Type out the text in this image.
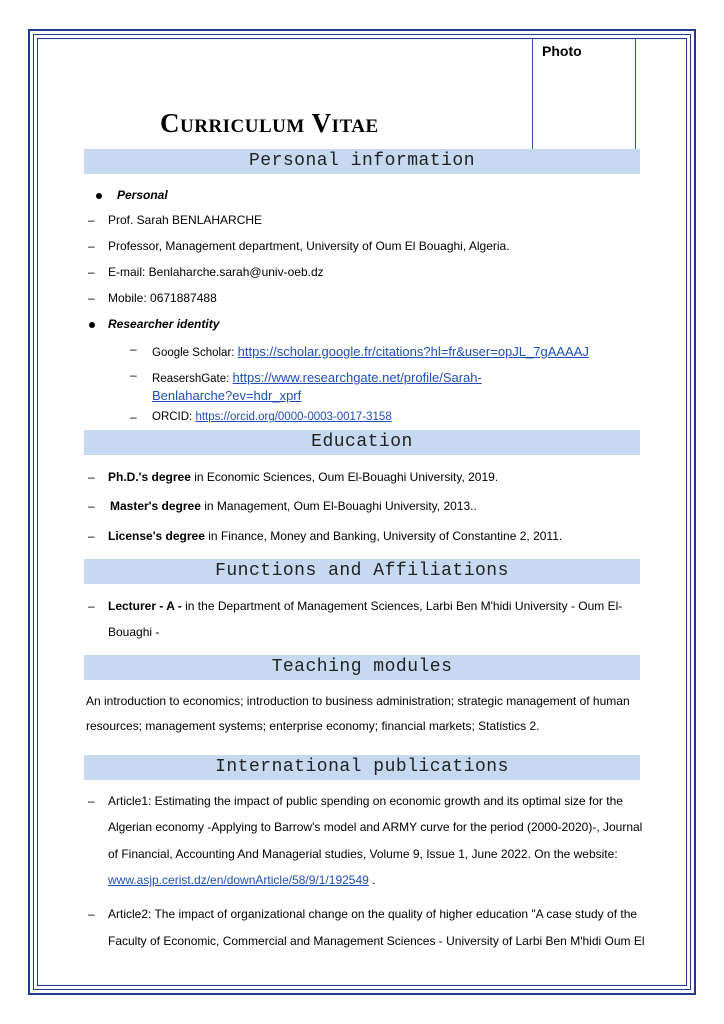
Photo
Curriculum Vitae
Personal information
Personal
– Prof. Sarah BENLAHARCHE
– Professor, Management department, University of Oum El Bouaghi, Algeria.
– E-mail: Benlaharche.sarah@univ-oeb.dz
– Mobile: 0671887488
Researcher identity
– Google Scholar: https://scholar.google.fr/citations?hl=fr&user=opJL_7gAAAAJ
– ReasershGate: https://www.researchgate.net/profile/Sarah-
Benlaharche?ev=hdr_xprf
– ORCID: https://orcid.org/0000-0003-0017-3158
Education
– Ph.D.'s degree in Economic Sciences, Oum El-Bouaghi University, 2019.
– Master's degree in Management, Oum El-Bouaghi University, 2013..
– License's degree in Finance, Money and Banking, University of Constantine 2, 2011.
Functions and Affiliations
– Lecturer - A - in the Department of Management Sciences, Larbi Ben M'hidi University - Oum El-
Bouaghi -
Teaching modules
An introduction to economics; introduction to business administration; strategic management of human
resources; management systems; enterprise economy; financial markets; Statistics 2.
International publications
– Article1: Estimating the impact of public spending on economic growth and its optimal size for the
Algerian economy -Applying to Barrow's model and ARMY curve for the period (2000-2020)-, Journal
of Financial, Accounting And Managerial studies, Volume 9, Issue 1, June 2022. On the website:
www.asjp.cerist.dz/en/downArticle/58/9/1/192549 .
– Article2: The impact of organizational change on the quality of higher education "A case study of the
Faculty of Economic, Commercial and Management Sciences - University of Larbi Ben M'hidi Oum El
